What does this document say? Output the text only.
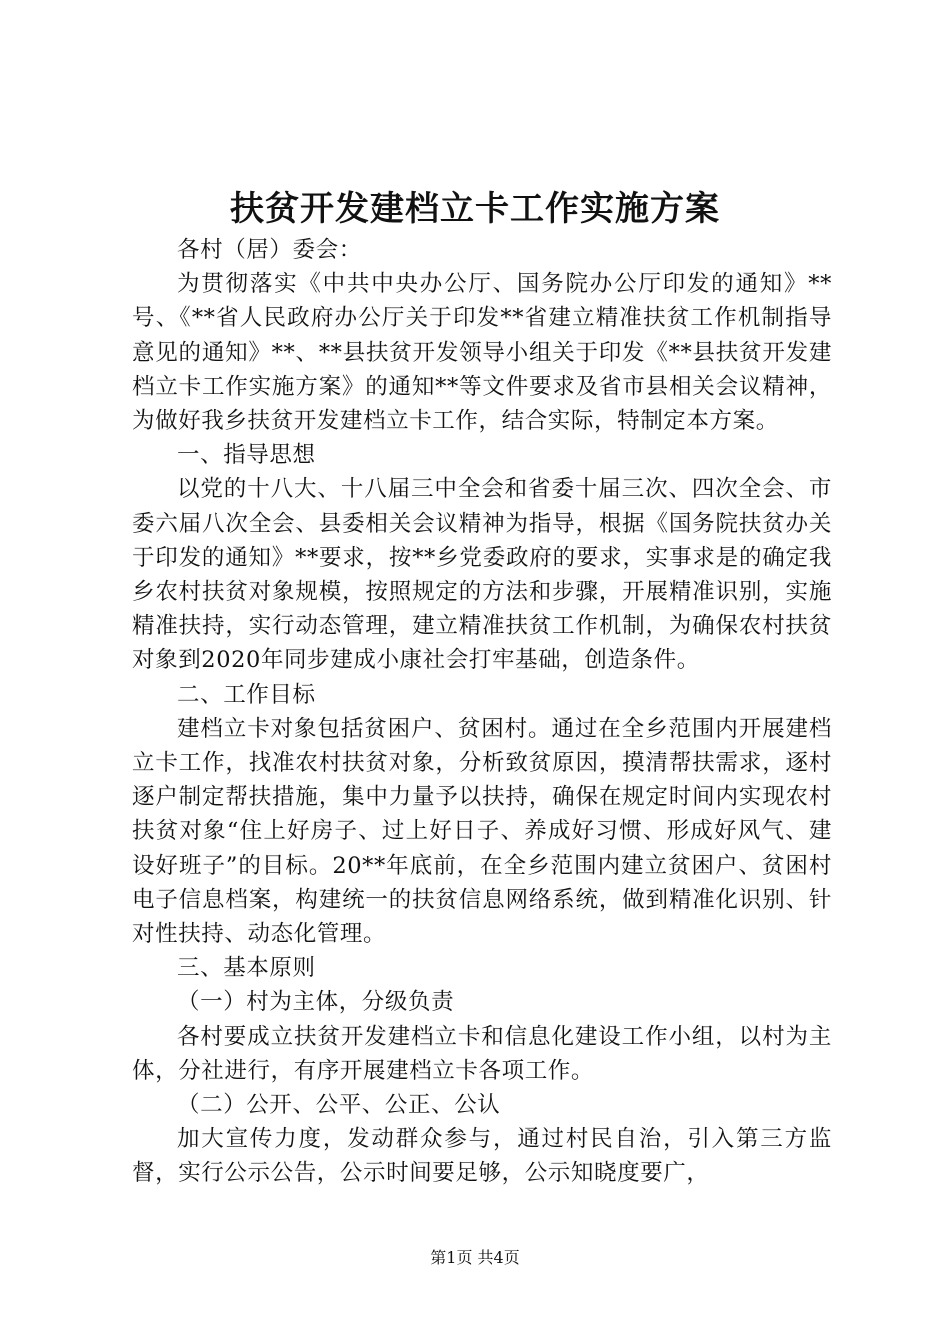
扶贫开发建档立卡工作实施方案

各村（居）委会：

为贯彻落实《中共中央办公厅、国务院办公厅印发的通知》**号、《**省人民政府办公厅关于印发**省建立精准扶贫工作机制指导意见的通知》**、**县扶贫开发领导小组关于印发《**县扶贫开发建档立卡工作实施方案》的通知**等文件要求及省市县相关会议精神，为做好我乡扶贫开发建档立卡工作，结合实际，特制定本方案。

一、指导思想

以党的十八大、十八届三中全会和省委十届三次、四次全会、市委六届八次全会、县委相关会议精神为指导，根据《国务院扶贫办关于印发的通知》**要求，按**乡党委政府的要求，实事求是的确定我乡农村扶贫对象规模，按照规定的方法和步骤，开展精准识别，实施精准扶持，实行动态管理，建立精准扶贫工作机制，为确保农村扶贫对象到2020年同步建成小康社会打牢基础，创造条件。

二、工作目标

建档立卡对象包括贫困户、贫困村。通过在全乡范围内开展建档立卡工作，找准农村扶贫对象，分析致贫原因，摸清帮扶需求，逐村逐户制定帮扶措施，集中力量予以扶持，确保在规定时间内实现农村扶贫对象“住上好房子、过上好日子、养成好习惯、形成好风气、建设好班子”的目标。20**年底前，在全乡范围内建立贫困户、贫困村电子信息档案，构建统一的扶贫信息网络系统，做到精准化识别、针对性扶持、动态化管理。

三、基本原则

（一）村为主体，分级负责

各村要成立扶贫开发建档立卡和信息化建设工作小组，以村为主体，分社进行，有序开展建档立卡各项工作。

（二）公开、公平、公正、公认

加大宣传力度，发动群众参与，通过村民自治，引入第三方监督，实行公示公告，公示时间要足够，公示知晓度要广，

第1页 共4页
